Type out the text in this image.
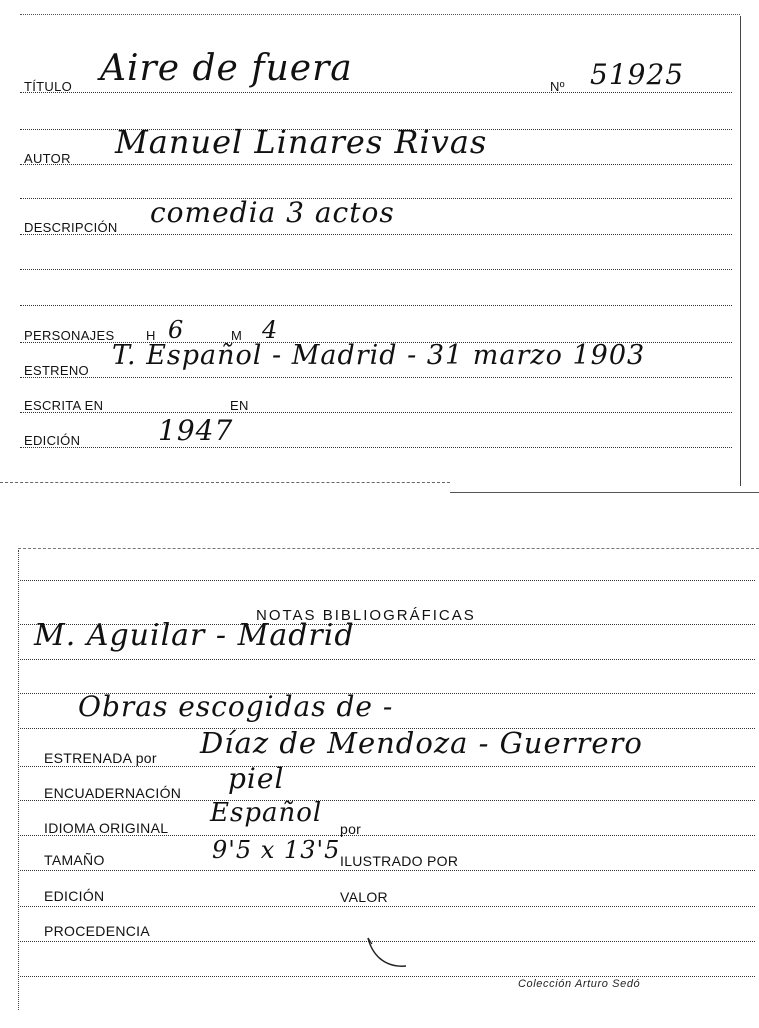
TÍTULO Aire de fuera	Nº 51925
AUTOR Manuel Linares Rivas
DESCRIPCIÓN comedia 3 actos
PERSONAJES H 6	M 4
ESTRENO T. Español - Madrid - 31 marzo 1903
ESCRITA EN	EN
EDICIÓN	1947
NOTAS BIBLIOGRÁFICAS
M. Aguilar - Madrid
Obras escogidas de -
ESTRENADA por Díaz de Mendoza - Guerrero
ENCUADERNACIÓN piel
IDIOMA ORIGINAL Español
por
TAMAÑO	9'5 x 13'5 ILUSTRADO POR
EDICIÓN	VALOR
PROCEDENCIA
Colección Arturo Sedó
